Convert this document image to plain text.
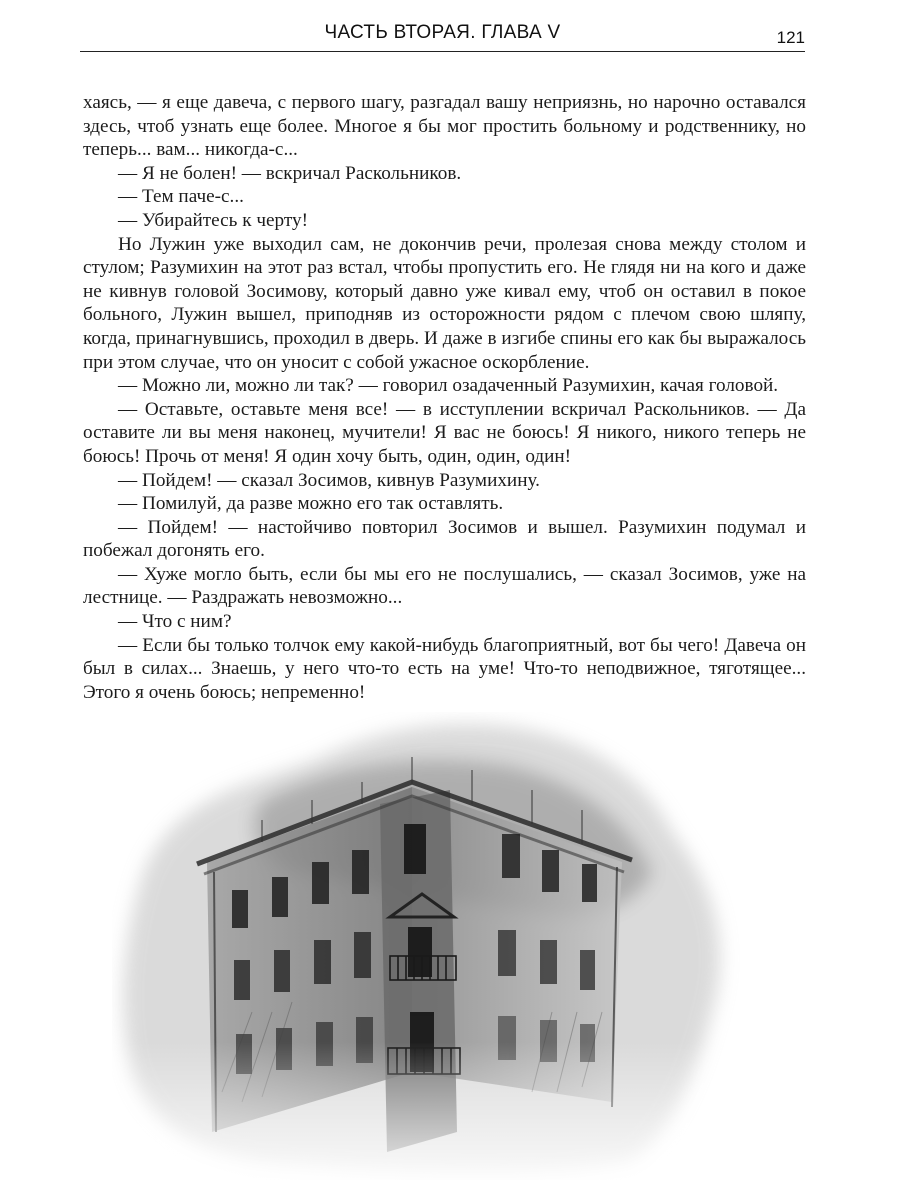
ЧАСТЬ ВТОРАЯ. ГЛАВА V	121

хаясь, — я еще давеча, с первого шагу, разгадал вашу неприязнь, но нарочно оставался здесь, чтоб узнать еще более. Многое я бы мог простить больному и родственнику, но теперь... вам... никогда-с...

— Я не болен! — вскричал Раскольников.

— Тем паче-с...

— Убирайтесь к черту!

Но Лужин уже выходил сам, не докончив речи, пролезая снова между столом и стулом; Разумихин на этот раз встал, чтобы пропустить его. Не глядя ни на кого и даже не кивнув головой Зосимову, который давно уже кивал ему, чтоб он оставил в покое больного, Лужин вышел, приподняв из осторожности рядом с плечом свою шляпу, когда, принагнувшись, проходил в дверь. И даже в изгибе спины его как бы выражалось при этом случае, что он уносит с собой ужасное оскорбление.

— Можно ли, можно ли так? — говорил озадаченный Разумихин, качая головой.

— Оставьте, оставьте меня все! — в исступлении вскричал Раскольников. — Да оставите ли вы меня наконец, мучители! Я вас не боюсь! Я никого, никого теперь не боюсь! Прочь от меня! Я один хочу быть, один, один, один!

— Пойдем! — сказал Зосимов, кивнув Разумихину.

— Помилуй, да разве можно его так оставлять.

— Пойдем! — настойчиво повторил Зосимов и вышел. Разумихин подумал и побежал догонять его.

— Хуже могло быть, если бы мы его не послушались, — сказал Зосимов, уже на лестнице. — Раздражать невозможно...

— Что с ним?

— Если бы только толчок ему какой-нибудь благоприятный, вот бы чего! Давеча он был в силах... Знаешь, у него что-то есть на уме! Что-то неподвижное, тяготящее... Этого я очень боюсь; непременно!
